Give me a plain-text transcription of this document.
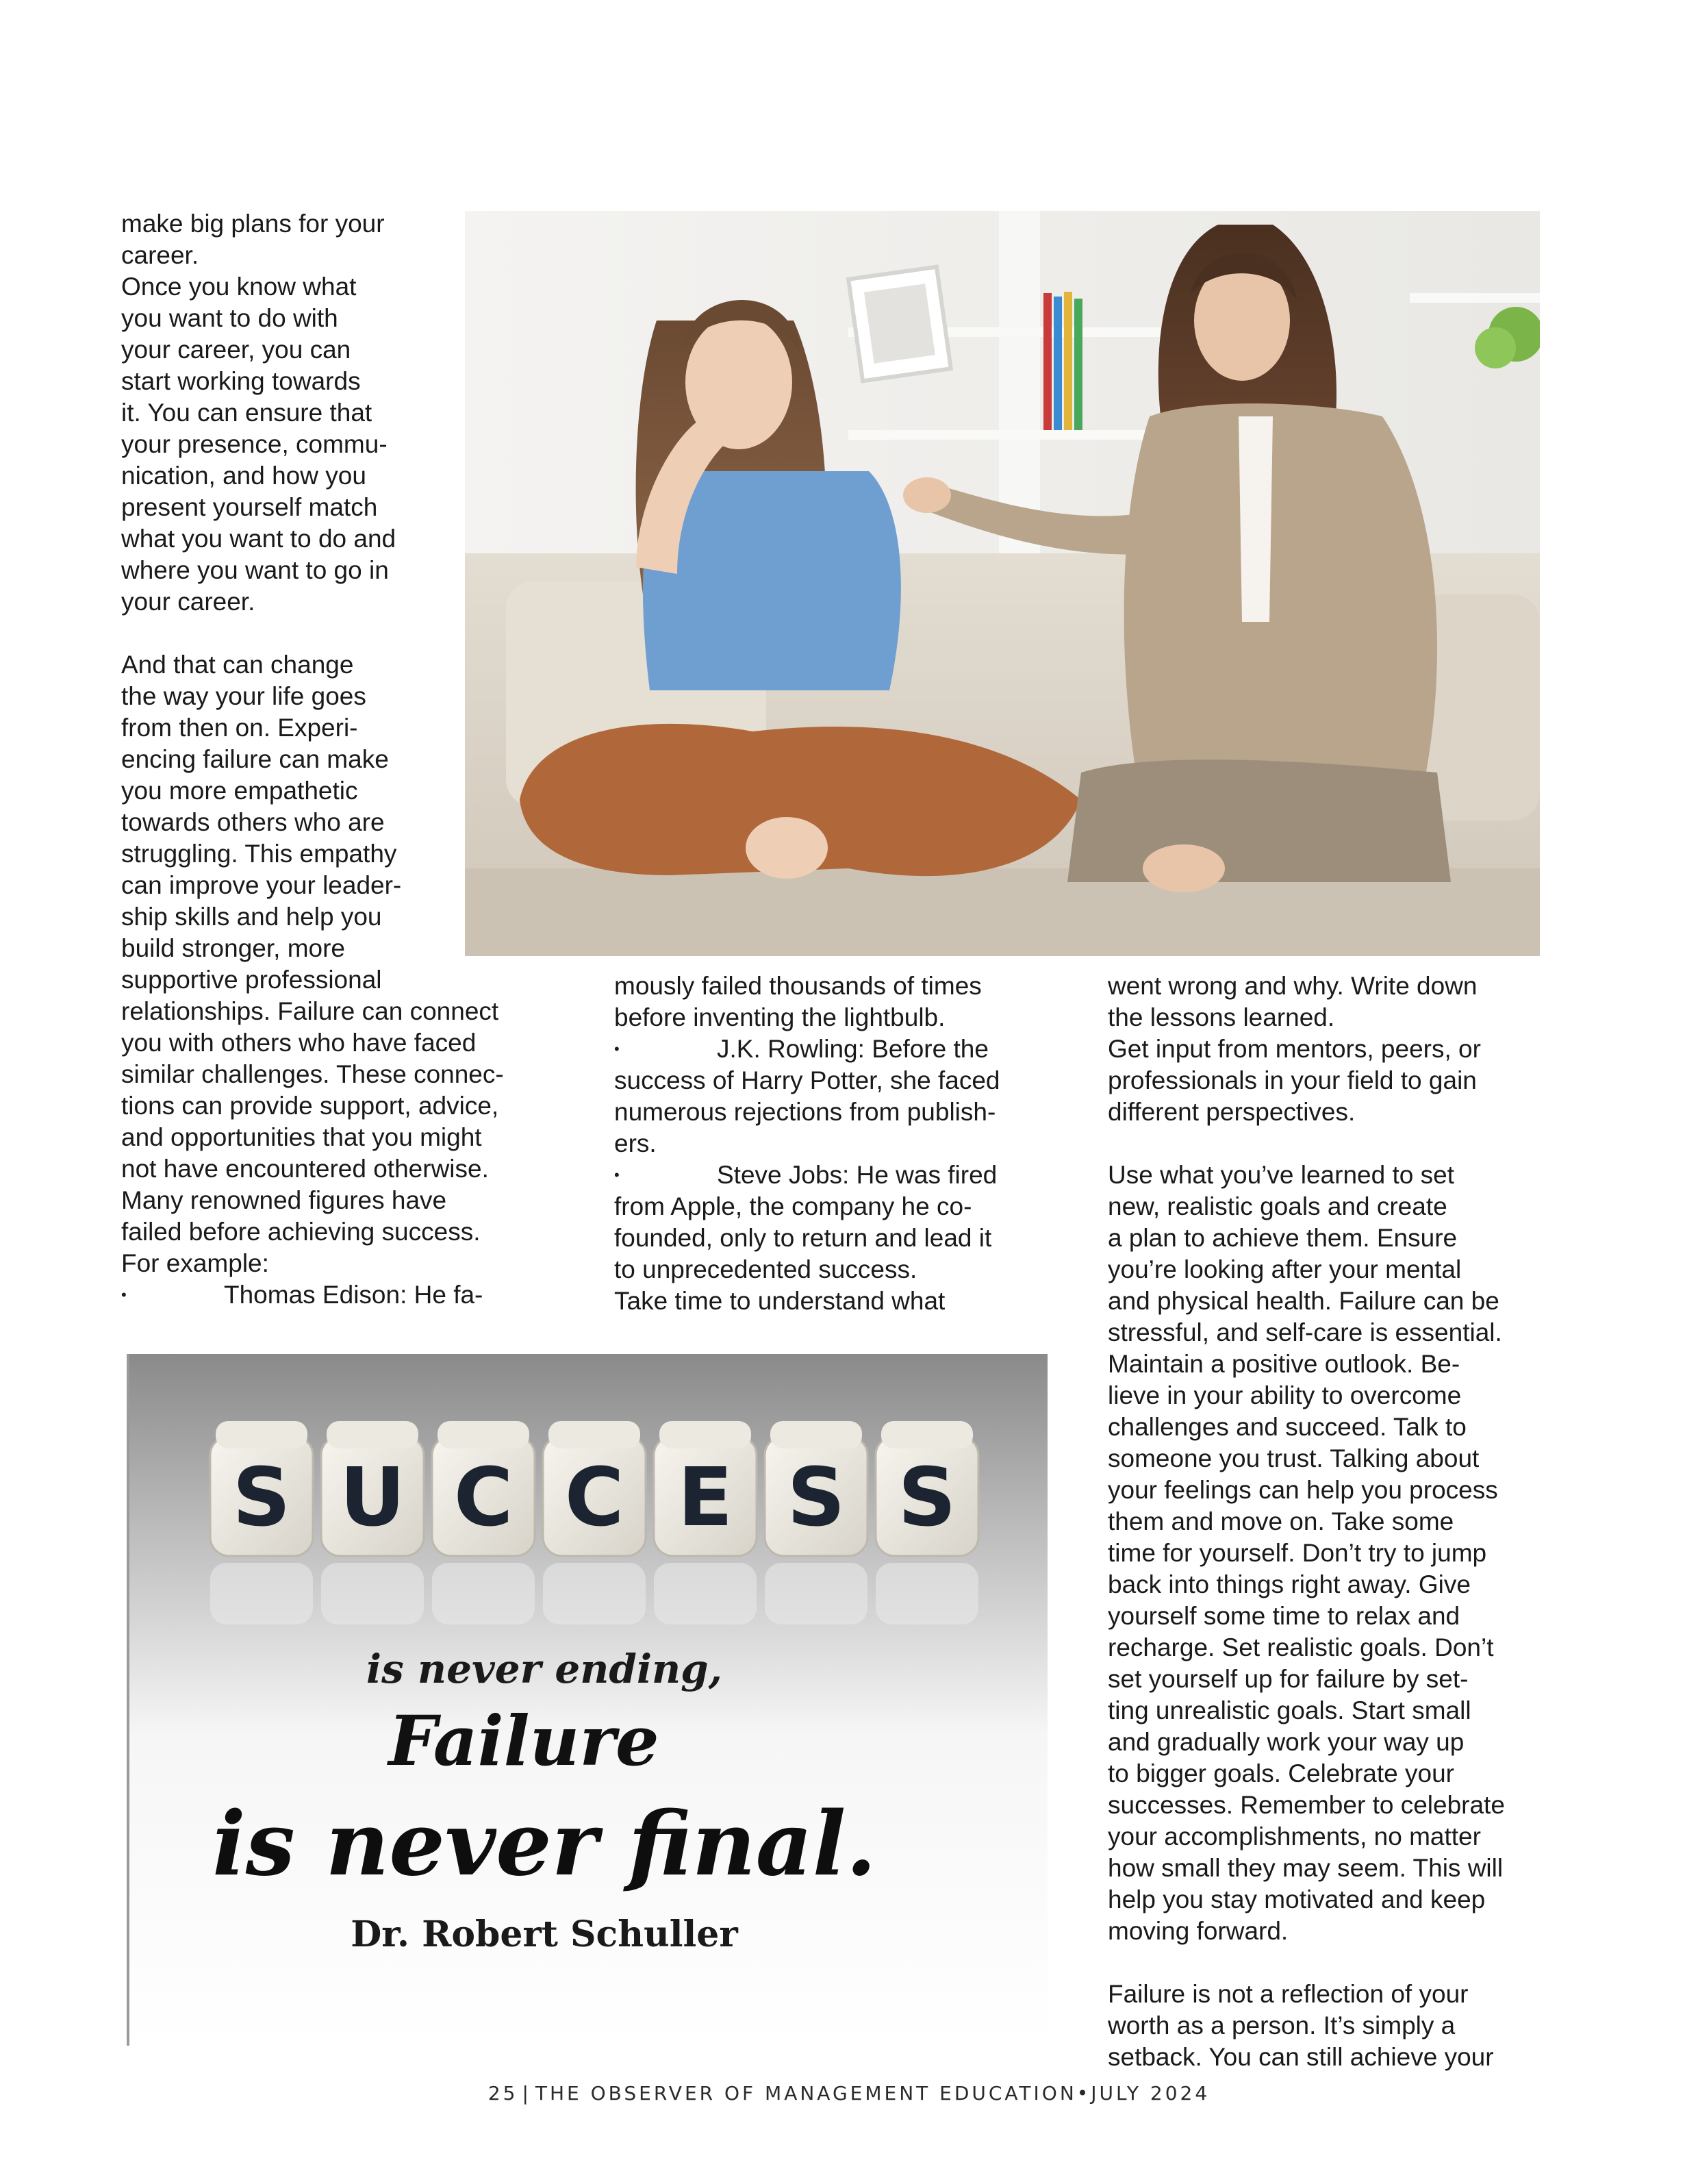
make big plans for your

career.

Once you know what

you want to do with

your career, you can

start working towards

it. You can ensure that

your presence, commu-

nication, and how you

present yourself match

what you want to do and

where you want to go in

your career.

And that can change

the way your life goes

from then on. Experi-

encing failure can make

you more empathetic

towards others who are

struggling. This empathy

can improve your leader-

ship skills and help you

build stronger, more

supportive professional

relationships. Failure can connect

you with others who have faced

similar challenges. These connec-

tions can provide support, advice,

and opportunities that you might

not have encountered otherwise.

Many renowned figures have

failed before achieving success.

For example:

•	Thomas Edison: He fa-

mously failed thousands of times

before inventing the lightbulb.

•	J.K. Rowling: Before the

success of Harry Potter, she faced

numerous rejections from publish-

ers.

•	Steve Jobs: He was fired

from Apple, the company he co-

founded, only to return and lead it

to unprecedented success.

Take time to understand what

went wrong and why. Write down

the lessons learned.

Get input from mentors, peers, or

professionals in your field to gain

different perspectives.

Use what you’ve learned to set

new, realistic goals and create

a plan to achieve them. Ensure

you’re looking after your mental

and physical health. Failure can be

stressful, and self-care is essential.

Maintain a positive outlook. Be-

lieve in your ability to overcome

challenges and succeed. Talk to

someone you trust. Talking about

your feelings can help you process

them and move on. Take some

time for yourself. Don’t try to jump

back into things right away. Give

yourself some time to relax and

recharge. Set realistic goals. Don’t

set yourself up for failure by set-

ting unrealistic goals. Start small

and gradually work your way up

to bigger goals. Celebrate your

successes. Remember to celebrate

your accomplishments, no matter

how small they may seem. This will

help you stay motivated and keep

moving forward.

Failure is not a reflection of your

worth as a person. It’s simply a

setback. You can still achieve your

S U C C E S S
is never ending,
Failure
is never final.
Dr. Robert Schuller
25 | THE OBSERVER OF MANAGEMENT EDUCATION•JULY 2024
